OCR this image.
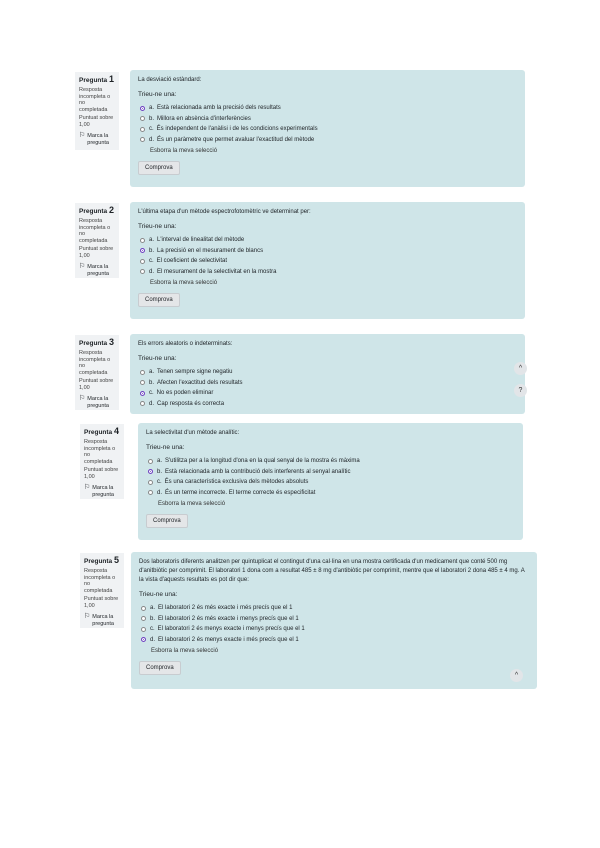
Pregunta 1
Resposta incompleta o no completada
Puntuat sobre 1,00
⚐ Marca la pregunta
La desviació estàndard:
Trieu-ne una:
a. Està relacionada amb la precisió dels resultats
b. Millora en absència d'interferències
c. És independent de l'anàlisi i de les condicions experimentals
d. És un paràmetre que permet avaluar l'exactitud del mètode
Esborra la meva selecció
Comprova
Pregunta 2
Resposta incompleta o no completada
Puntuat sobre 1,00
⚐ Marca la pregunta
L'última etapa d'un mètode espectrofotomètric ve determinat per:
Trieu-ne una:
a. L'interval de linealitat del mètode
b. La precisió en el mesurament de blancs
c. El coeficient de selectivitat
d. El mesurament de la selectivitat en la mostra
Esborra la meva selecció
Comprova
Pregunta 3
Resposta incompleta o no completada
Puntuat sobre 1,00
⚐ Marca la pregunta
Els errors aleatoris o indeterminats:
Trieu-ne una:
a. Tenen sempre signe negatiu
b. Afecten l'exactitud dels resultats
c. No es poden eliminar
d. Cap resposta és correcta
Pregunta 4
Resposta incompleta o no completada
Puntuat sobre 1,00
⚐ Marca la pregunta
La selectivitat d'un mètode analític:
Trieu-ne una:
a. S'utilitza per a la longitud d'ona en la qual senyal de la mostra és màxima
b. Està relacionada amb la contribució dels interferents al senyal analític
c. És una característica exclusiva dels mètodes absoluts
d. És un terme incorrecte. El terme correcte és especificitat
Esborra la meva selecció
Comprova
Pregunta 5
Resposta incompleta o no completada
Puntuat sobre 1,00
⚐ Marca la pregunta
Dos laboratoris diferents analitzen per quintuplicat el contingut d'una cal·lina en una mostra certificada d'un medicament que conté 500 mg d'anitbiòtic per comprimit. El laboratori 1 dona com a resultat 485 ± 8 mg d'antibiòtic per comprimit, mentre que el laboratori 2 dona 485 ± 4 mg. A la vista d'aquests resultats es pot dir que:
Trieu-ne una:
a. El laboratori 2 és més exacte i més precís que el 1
b. El laboratori 2 és més exacte i menys precís que el 1
c. El laboratori 2 és menys exacte i menys precís que el 1
d. El laboratori 2 és menys exacte i més precís que el 1
Esborra la meva selecció
Comprova
^
?
^
